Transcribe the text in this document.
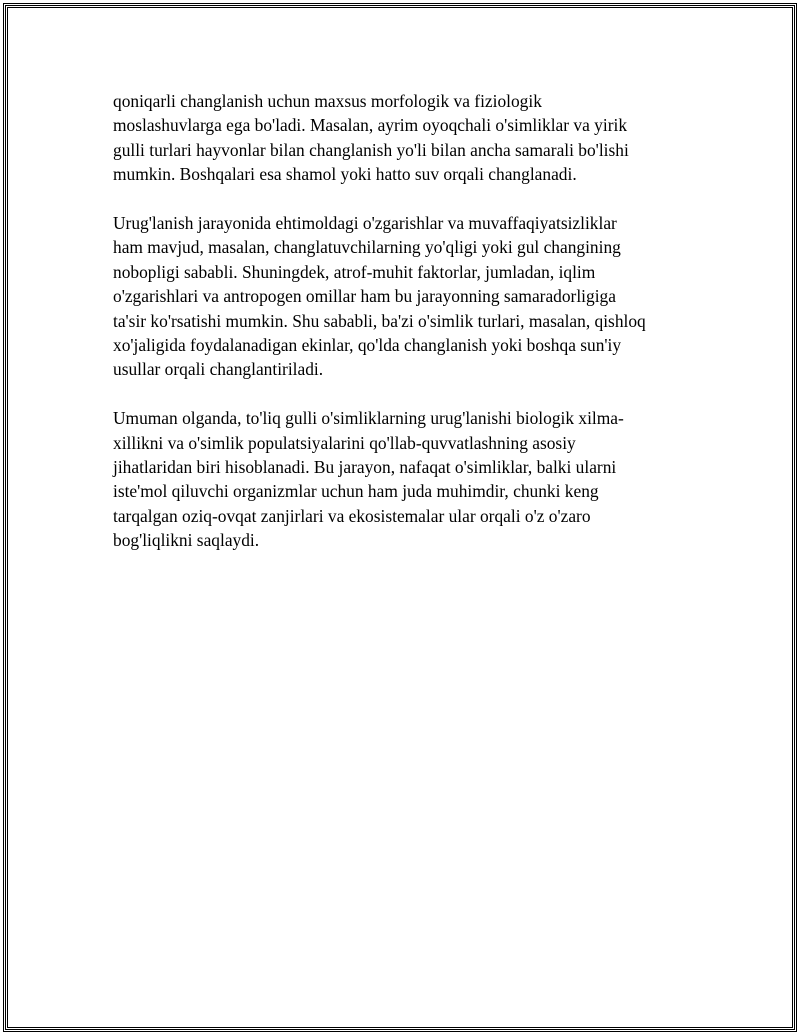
qoniqarli changlanish uchun maxsus morfologik va fiziologik
moslashuvlarga ega bo'ladi. Masalan, ayrim oyoqchali o'simliklar va yirik
gulli turlari hayvonlar bilan changlanish yo'li bilan ancha samarali bo'lishi
mumkin. Boshqalari esa shamol yoki hatto suv orqali changlanadi.

Urug'lanish jarayonida ehtimoldagi o'zgarishlar va muvaffaqiyatsizliklar
ham mavjud, masalan, changlatuvchilarning yo'qligi yoki gul changining
nobopligi sababli. Shuningdek, atrof-muhit faktorlar, jumladan, iqlim
o'zgarishlari va antropogen omillar ham bu jarayonning samaradorligiga
ta'sir ko'rsatishi mumkin. Shu sababli, ba'zi o'simlik turlari, masalan, qishloq
xo'jaligida foydalanadigan ekinlar, qo'lda changlanish yoki boshqa sun'iy
usullar orqali changlantiriladi.

Umuman olganda, to'liq gulli o'simliklarning urug'lanishi biologik xilma-
xillikni va o'simlik populatsiyalarini qo'llab-quvvatlashning asosiy
jihatlaridan biri hisoblanadi. Bu jarayon, nafaqat o'simliklar, balki ularni
iste'mol qiluvchi organizmlar uchun ham juda muhimdir, chunki keng
tarqalgan oziq-ovqat zanjirlari va ekosistemalar ular orqali o'z o'zaro
bog'liqlikni saqlaydi.
